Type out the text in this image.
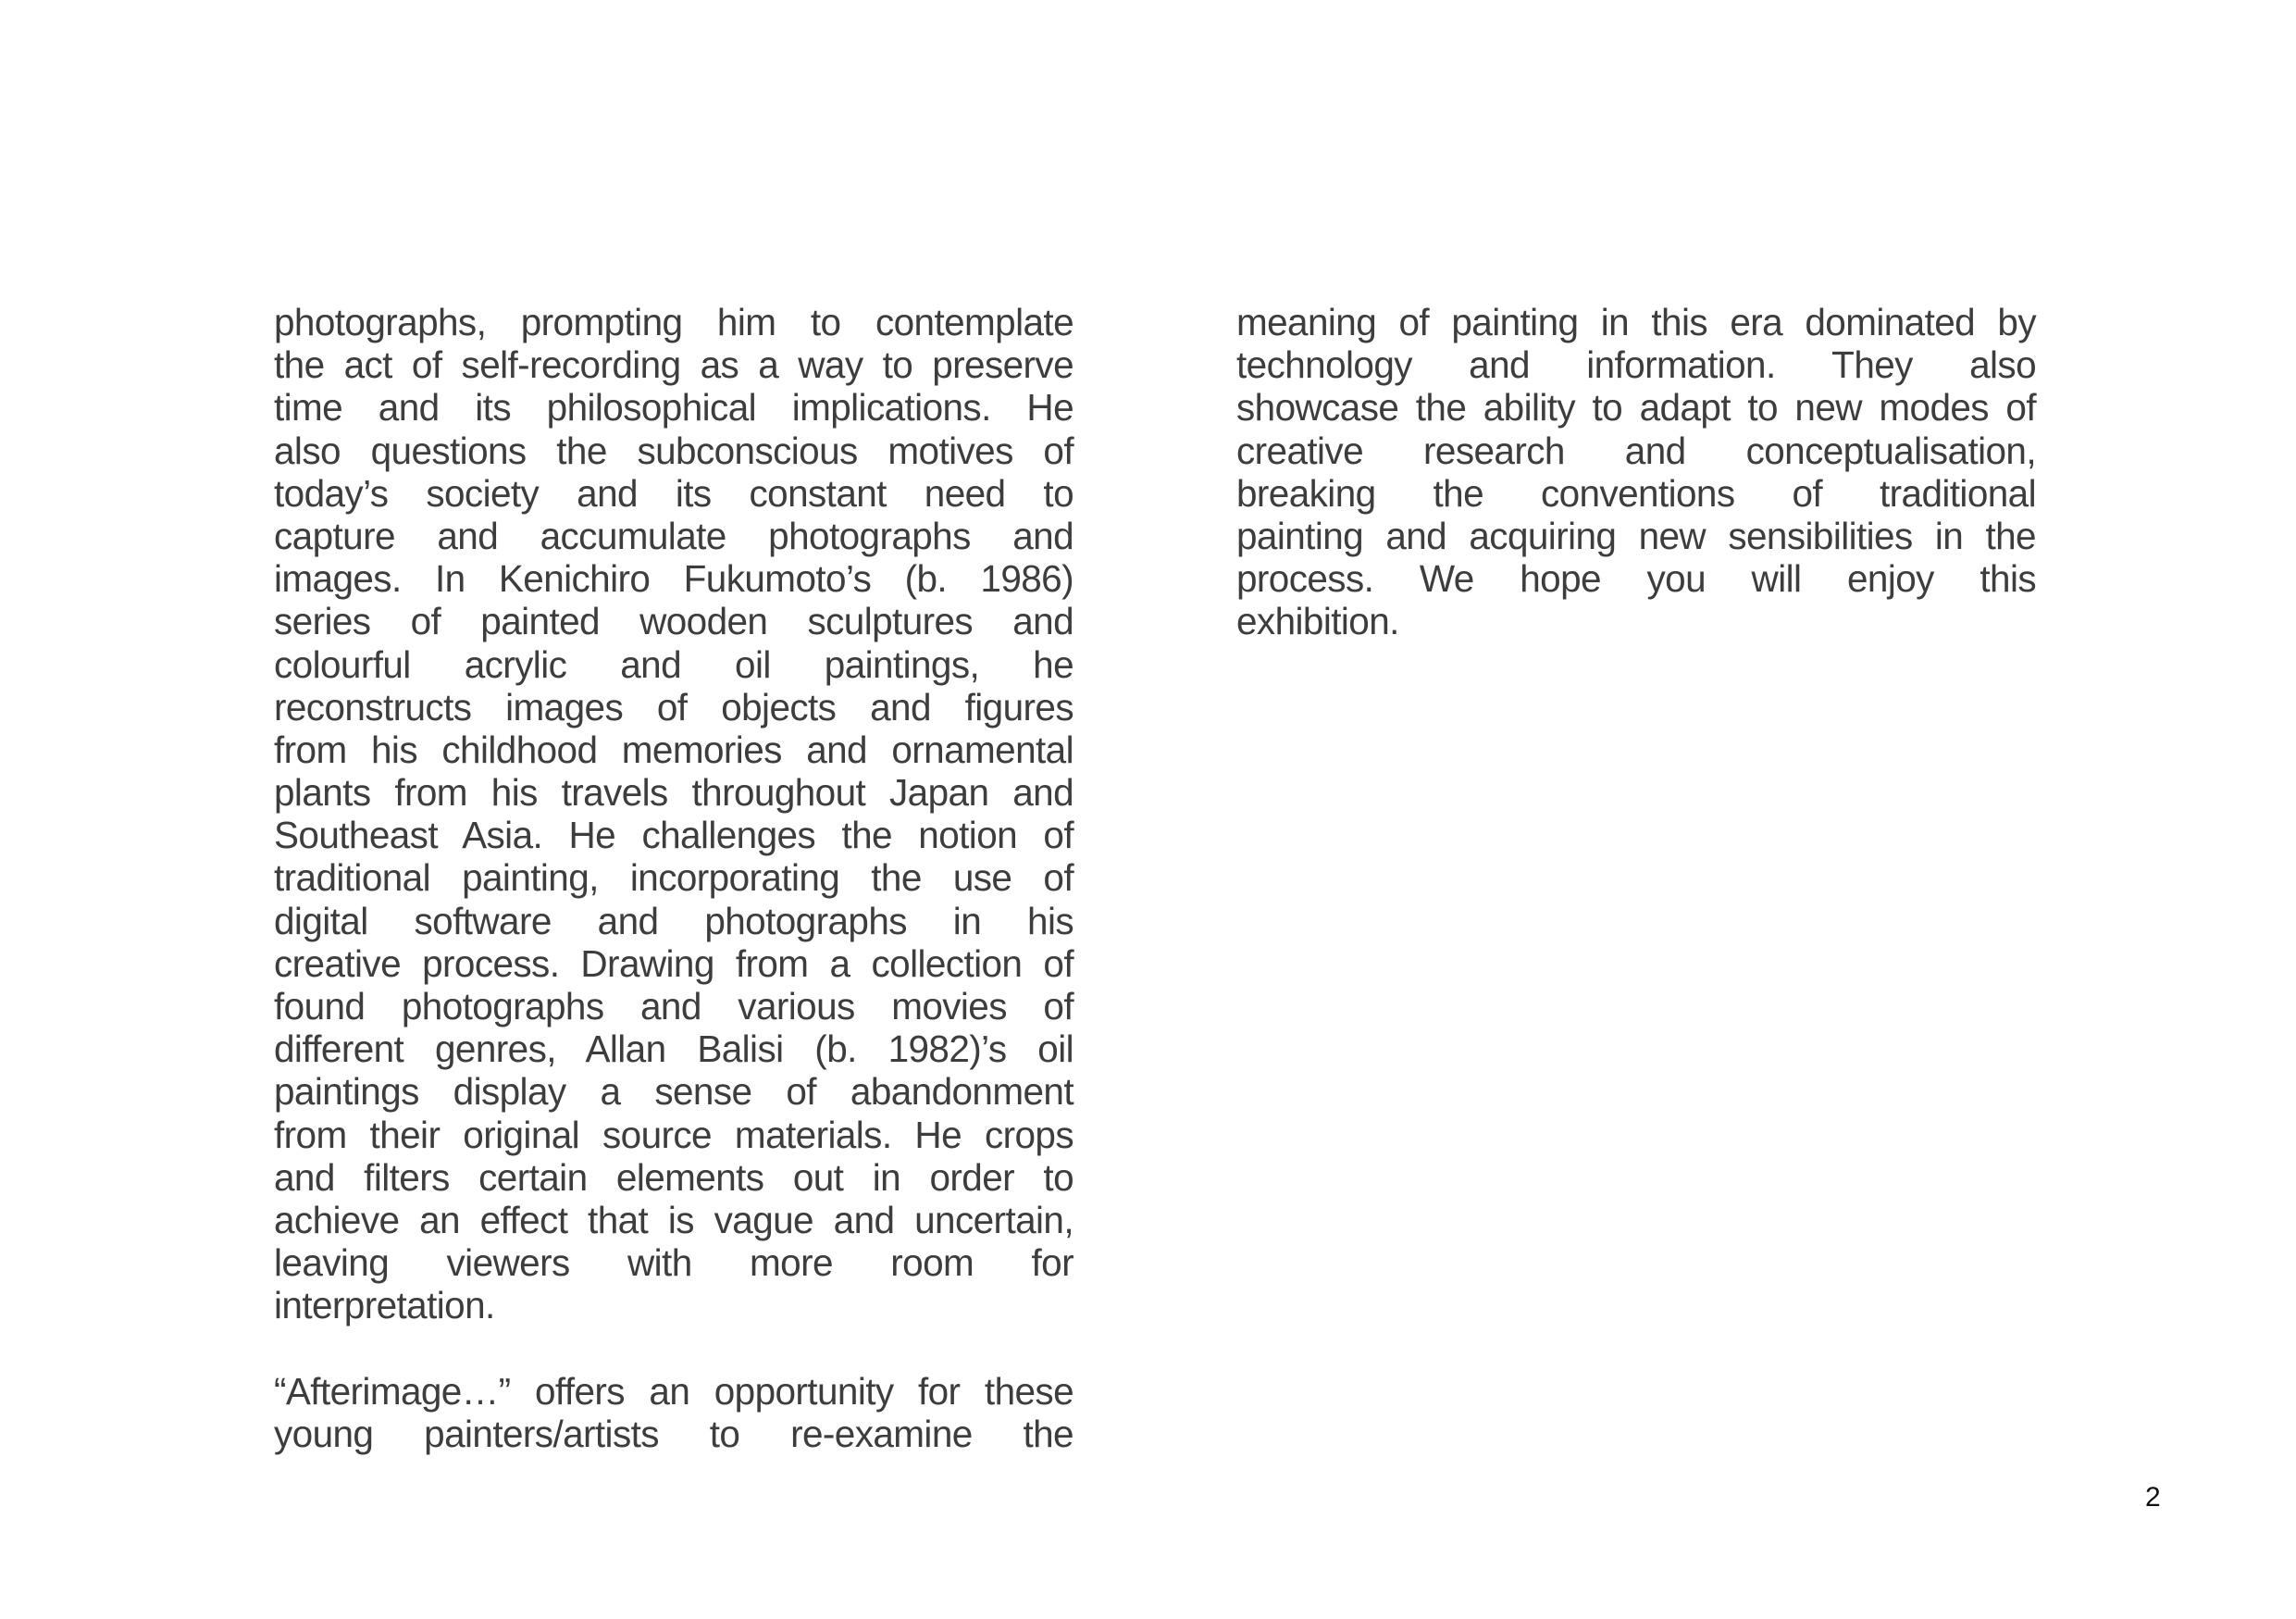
photographs, prompting him to contemplate
the act of self-recording as a way to preserve
time and its philosophical implications. He
also questions the subconscious motives of
today’s society and its constant need to
capture and accumulate photographs and
images. In Kenichiro Fukumoto’s (b. 1986)
series of painted wooden sculptures and
colourful acrylic and oil paintings, he
reconstructs images of objects and figures
from his childhood memories and ornamental
plants from his travels throughout Japan and
Southeast Asia. He challenges the notion of
traditional painting, incorporating the use of
digital software and photographs in his
creative process. Drawing from a collection of
found photographs and various movies of
different genres, Allan Balisi (b. 1982)’s oil
paintings display a sense of abandonment
from their original source materials. He crops
and filters certain elements out in order to
achieve an effect that is vague and uncertain,
leaving viewers with more room for
interpretation.
“Afterimage…” offers an opportunity for these
young painters/artists to re-examine the
meaning of painting in this era dominated by
technology and information. They also
showcase the ability to adapt to new modes of
creative research and conceptualisation,
breaking the conventions of traditional
painting and acquiring new sensibilities in the
process. We hope you will enjoy this
exhibition.
2
